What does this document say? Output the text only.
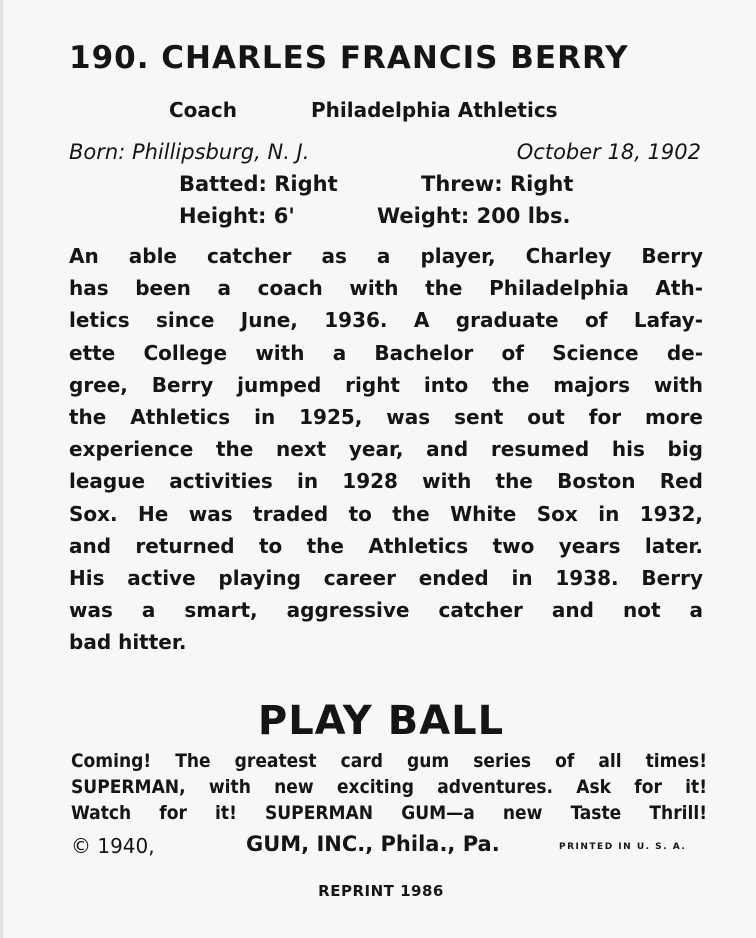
190. CHARLES FRANCIS BERRY
Coach	Philadelphia Athletics
Born: Phillipsburg, N. J.	October 18, 1902
Batted: Right	Threw: Right
Height: 6'	Weight: 200 lbs.
An able catcher as a player, Charley Berry
has been a coach with the Philadelphia Ath-
letics since June, 1936. A graduate of Lafay-
ette College with a Bachelor of Science de-
gree, Berry jumped right into the majors with
the Athletics in 1925, was sent out for more
experience the next year, and resumed his big
league activities in 1928 with the Boston Red
Sox. He was traded to the White Sox in 1932,
and returned to the Athletics two years later.
His active playing career ended in 1938. Berry
was a smart, aggressive catcher and not a
bad hitter.
PLAY BALL
Coming! The greatest card gum series of all times!
SUPERMAN, with new exciting adventures. Ask for it!
Watch for it! SUPERMAN GUM—a new Taste Thrill!
© 1940,	GUM, INC., Phila., Pa.	PRINTED IN U. S. A.
REPRINT 1986
